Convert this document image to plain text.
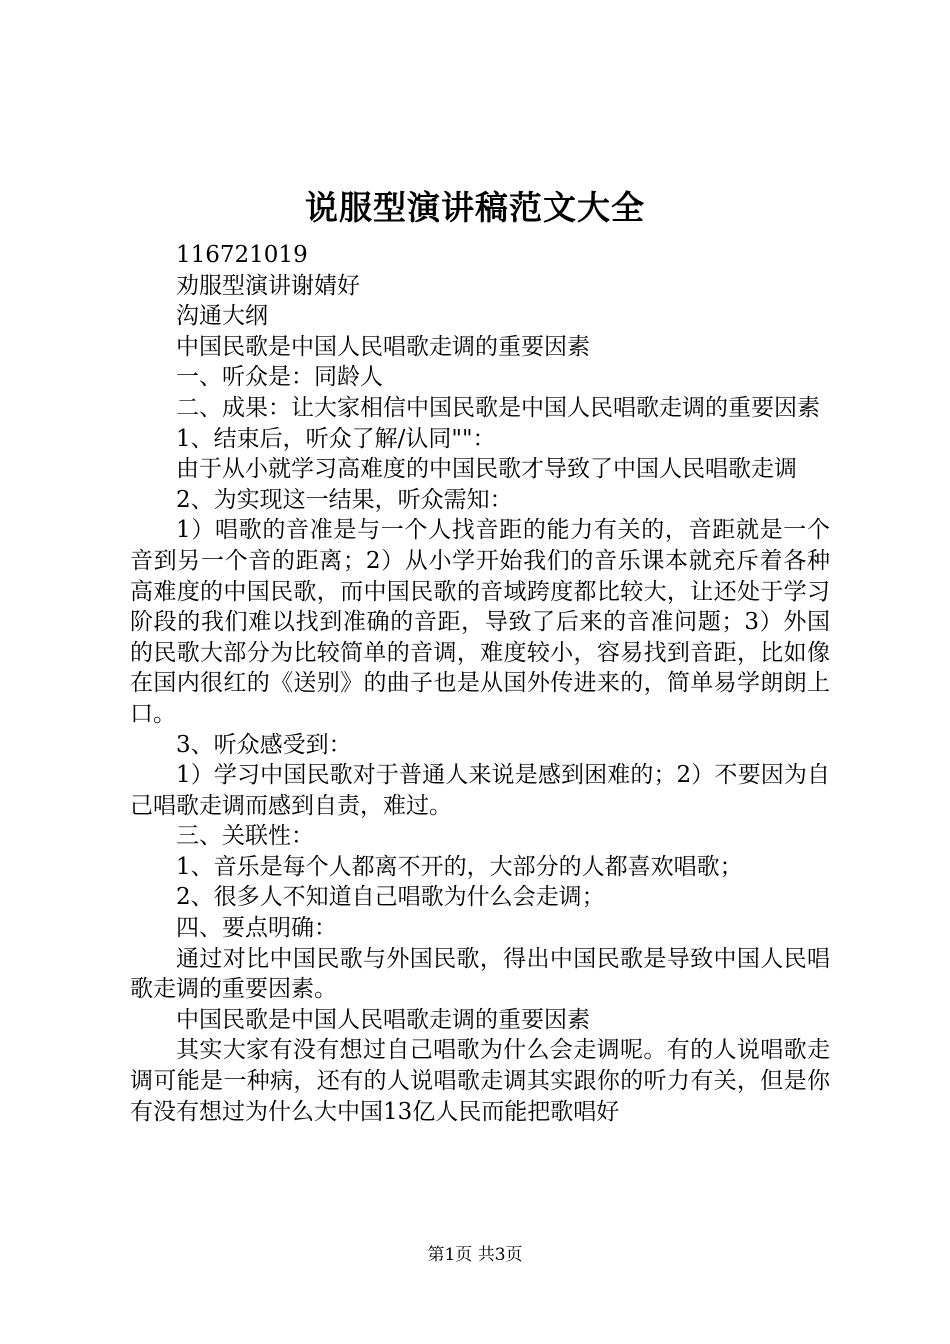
说服型演讲稿范文大全

116721019

劝服型演讲谢婧好

沟通大纲

中国民歌是中国人民唱歌走调的重要因素

一、听众是：同龄人

二、成果：让大家相信中国民歌是中国人民唱歌走调的重要因素

1、结束后，听众了解/认同""：

由于从小就学习高难度的中国民歌才导致了中国人民唱歌走调

2、为实现这一结果，听众需知：

1）唱歌的音准是与一个人找音距的能力有关的，音距就是一个音到另一个音的距离；2）从小学开始我们的音乐课本就充斥着各种高难度的中国民歌，而中国民歌的音域跨度都比较大，让还处于学习阶段的我们难以找到准确的音距，导致了后来的音准问题；3）外国的民歌大部分为比较简单的音调，难度较小，容易找到音距，比如像在国内很红的《送别》的曲子也是从国外传进来的，简单易学朗朗上口。

3、听众感受到：

1）学习中国民歌对于普通人来说是感到困难的；2）不要因为自己唱歌走调而感到自责，难过。

三、关联性：

1、音乐是每个人都离不开的，大部分的人都喜欢唱歌；

2、很多人不知道自己唱歌为什么会走调；

四、要点明确：

通过对比中国民歌与外国民歌，得出中国民歌是导致中国人民唱歌走调的重要因素。

中国民歌是中国人民唱歌走调的重要因素

其实大家有没有想过自己唱歌为什么会走调呢。有的人说唱歌走调可能是一种病，还有的人说唱歌走调其实跟你的听力有关，但是你有没有想过为什么大中国13亿人民而能把歌唱好

第1页 共3页
